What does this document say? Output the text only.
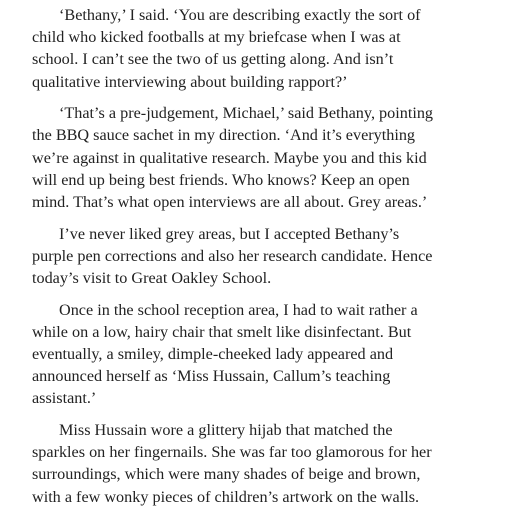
‘Bethany,’ I said. ‘You are describing exactly the sort of
child who kicked footballs at my briefcase when I was at
school. I can’t see the two of us getting along. And isn’t
qualitative interviewing about building rapport?’

‘That’s a pre-judgement, Michael,’ said Bethany, pointing
the BBQ sauce sachet in my direction. ‘And it’s everything
we’re against in qualitative research. Maybe you and this kid
will end up being best friends. Who knows? Keep an open
mind. That’s what open interviews are all about. Grey areas.’

I’ve never liked grey areas, but I accepted Bethany’s
purple pen corrections and also her research candidate. Hence
today’s visit to Great Oakley School.

Once in the school reception area, I had to wait rather a
while on a low, hairy chair that smelt like disinfectant. But
eventually, a smiley, dimple-cheeked lady appeared and
announced herself as ‘Miss Hussain, Callum’s teaching
assistant.’

Miss Hussain wore a glittery hijab that matched the
sparkles on her fingernails. She was far too glamorous for her
surroundings, which were many shades of beige and brown,
with a few wonky pieces of children’s artwork on the walls.
